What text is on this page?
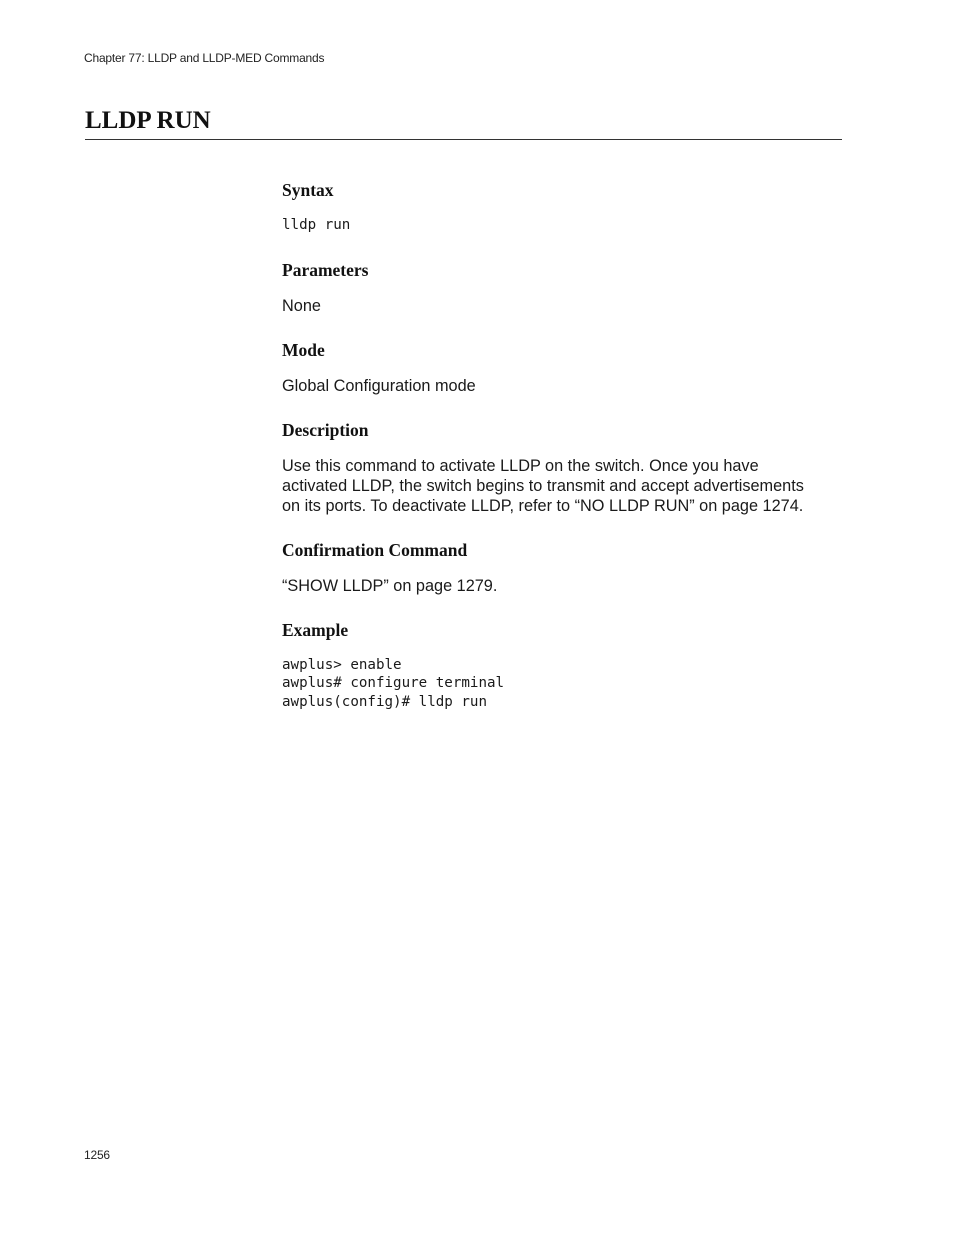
Chapter 77: LLDP and LLDP-MED Commands

LLDP RUN
Syntax

lldp run

Parameters

None

Mode

Global Configuration mode

Description

Use this command to activate LLDP on the switch. Once you have

activated LLDP, the switch begins to transmit and accept advertisements

on its ports. To deactivate LLDP, refer to “NO LLDP RUN” on page 1274.

Confirmation Command

“SHOW LLDP” on page 1279.

Example

awplus> enable

awplus# configure terminal

awplus(config)# lldp run

1256
